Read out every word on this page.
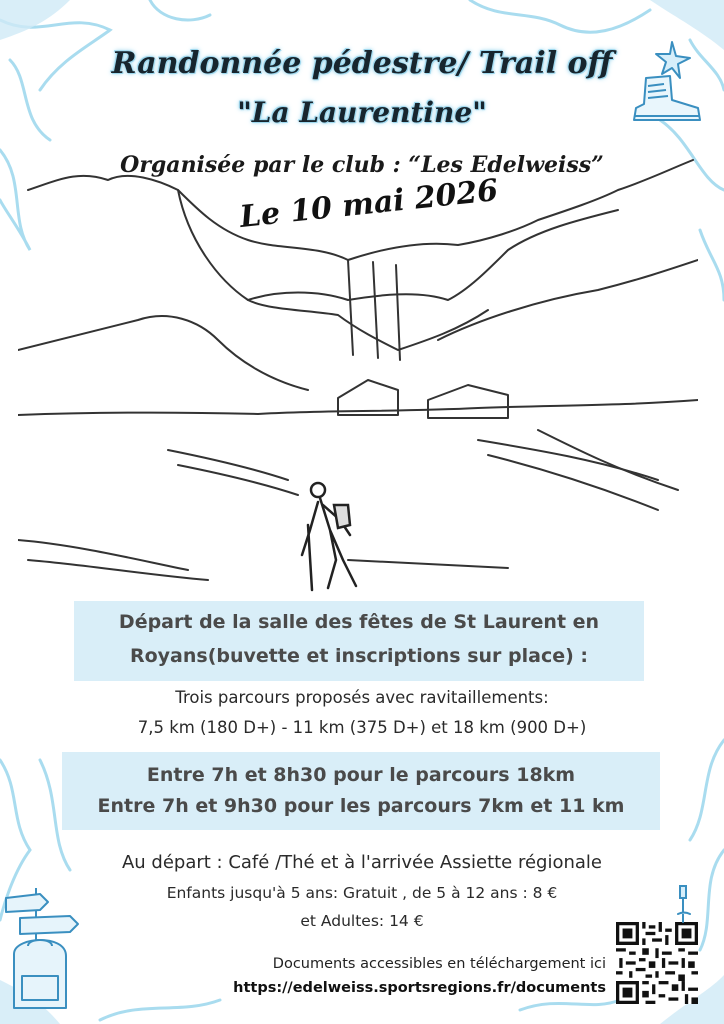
Randonnée pédestre/ Trail off
"La Laurentine"
Organisée par le club : “Les Edelweiss”
Le 10 mai 2026
Départ de la salle des fêtes de St Laurent en
Royans(buvette et inscriptions sur place) :
Trois parcours proposés avec ravitaillements:
7,5 km (180 D+) - 11 km (375 D+) et 18 km (900 D+)
Entre 7h et 8h30 pour le parcours 18km
Entre 7h et 9h30 pour les parcours 7km et 11 km
Au départ : Café /Thé et à l'arrivée Assiette régionale
Enfants jusqu'à 5 ans: Gratuit , de 5 à 12 ans : 8 €
et Adultes: 14 €
Documents accessibles en téléchargement ici
https://edelweiss.sportsregions.fr/documents
